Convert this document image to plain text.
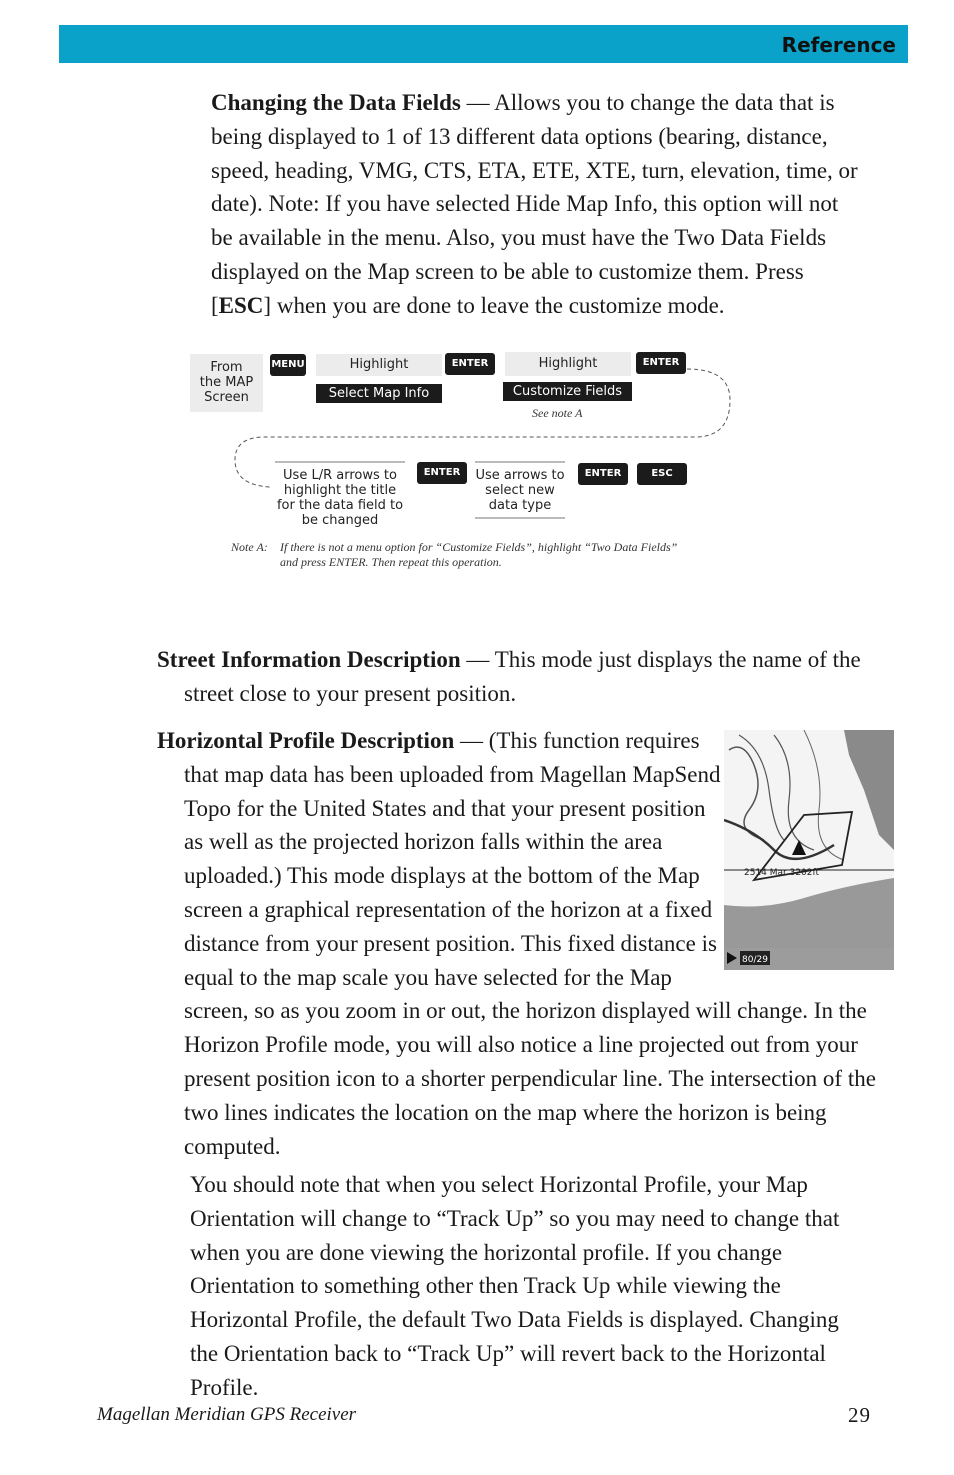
Reference

Changing the Data Fields — Allows you to change the data that is being displayed to 1 of 13 different data options (bearing, distance, speed, heading, VMG, CTS, ETA, ETE, XTE, turn, elevation, time, or date). Note: If you have selected Hide Map Info, this option will not be available in the menu. Also, you must have the Two Data Fields displayed on the Map screen to be able to customize them. Press [ESC] when you are done to leave the customize mode.

From
the MAP
Screen
MENU	Highlight
Select Map Info
ENTER	Highlight
Customize Fields
See note A
ENTER
Use L/R arrows to
highlight the title
for the data field to
be changed
ENTER	Use arrows to
select new
data type
ENTER	ESC
Note A: If there is not a menu option for “Customize Fields”, highlight “Two Data Fields”
and press ENTER. Then repeat this operation.

Street Information Description — This mode just displays the name of the street close to your present position.

Horizontal Profile Description —
2514 Mar 3202ft
80/29
(This function requires that map data has been uploaded from Magellan MapSend Topo for the United States and that your present position as well as the projected horizon falls within the area uploaded.) This mode displays at the bottom of the Map screen a graphical representation of the horizon at a fixed distance from your present position. This fixed distance is equal to the map scale you have selected for the Map screen, so as you zoom in or out, the horizon displayed will change. In the Horizon Profile mode, you will also notice a line projected out from your present position icon to a shorter perpendicular line. The intersection of the two lines indicates the location on the map where the horizon is being computed.

You should note that when you select Horizontal Profile, your Map Orientation will change to “Track Up” so you may need to change that when you are done viewing the horizontal profile. If you change Orientation to something other then Track Up while viewing the Horizontal Profile, the default Two Data Fields is displayed. Changing the Orientation back to “Track Up” will revert back to the Horizontal Profile.

Magellan Meridian GPS Receiver	29
